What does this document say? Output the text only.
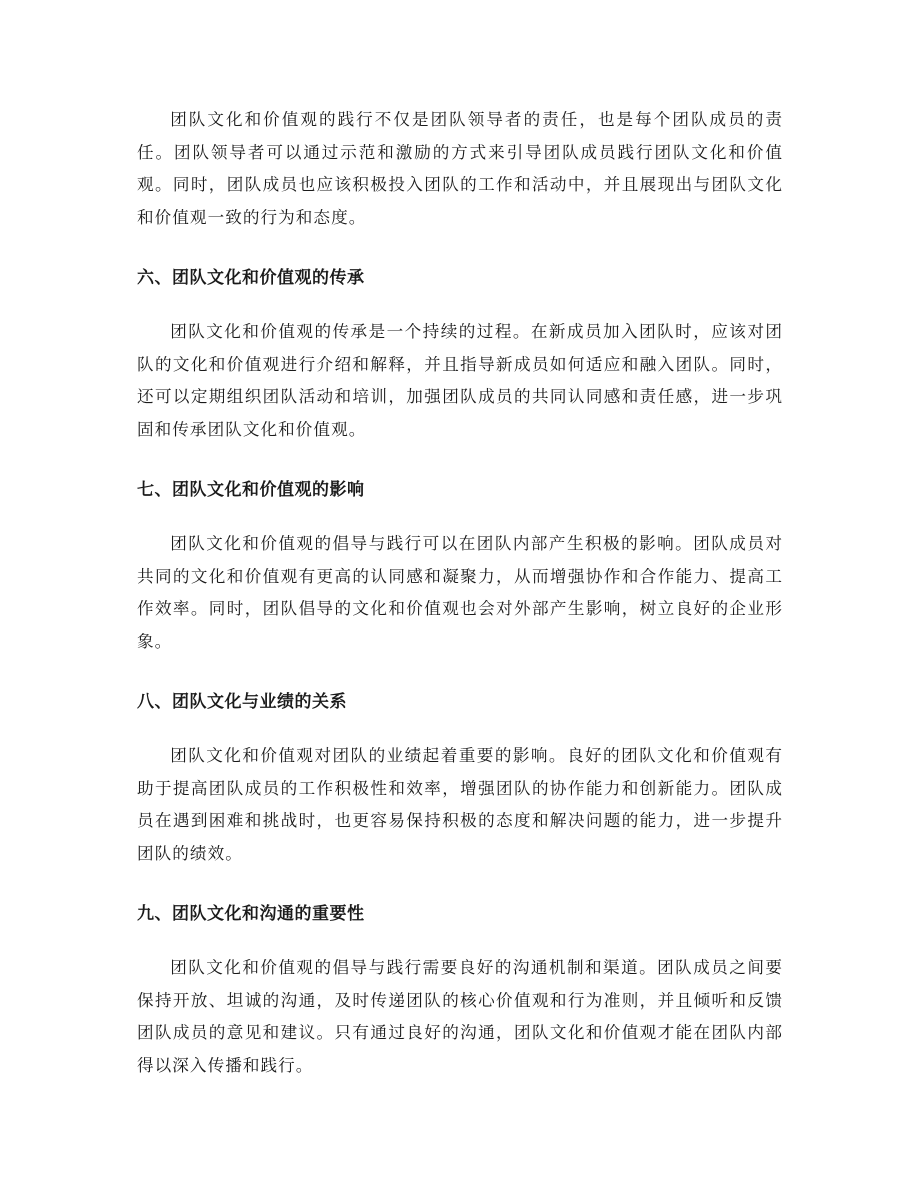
团队文化和价值观的践行不仅是团队领导者的责任，也是每个团队成员的责任。团队领导者可以通过示范和激励的方式来引导团队成员践行团队文化和价值观。同时，团队成员也应该积极投入团队的工作和活动中，并且展现出与团队文化和价值观一致的行为和态度。

六、团队文化和价值观的传承

团队文化和价值观的传承是一个持续的过程。在新成员加入团队时，应该对团队的文化和价值观进行介绍和解释，并且指导新成员如何适应和融入团队。同时，还可以定期组织团队活动和培训，加强团队成员的共同认同感和责任感，进一步巩固和传承团队文化和价值观。

七、团队文化和价值观的影响

团队文化和价值观的倡导与践行可以在团队内部产生积极的影响。团队成员对共同的文化和价值观有更高的认同感和凝聚力，从而增强协作和合作能力、提高工作效率。同时，团队倡导的文化和价值观也会对外部产生影响，树立良好的企业形象。

八、团队文化与业绩的关系

团队文化和价值观对团队的业绩起着重要的影响。良好的团队文化和价值观有助于提高团队成员的工作积极性和效率，增强团队的协作能力和创新能力。团队成员在遇到困难和挑战时，也更容易保持积极的态度和解决问题的能力，进一步提升团队的绩效。

九、团队文化和沟通的重要性

团队文化和价值观的倡导与践行需要良好的沟通机制和渠道。团队成员之间要保持开放、坦诚的沟通，及时传递团队的核心价值观和行为准则，并且倾听和反馈团队成员的意见和建议。只有通过良好的沟通，团队文化和价值观才能在团队内部得以深入传播和践行。
